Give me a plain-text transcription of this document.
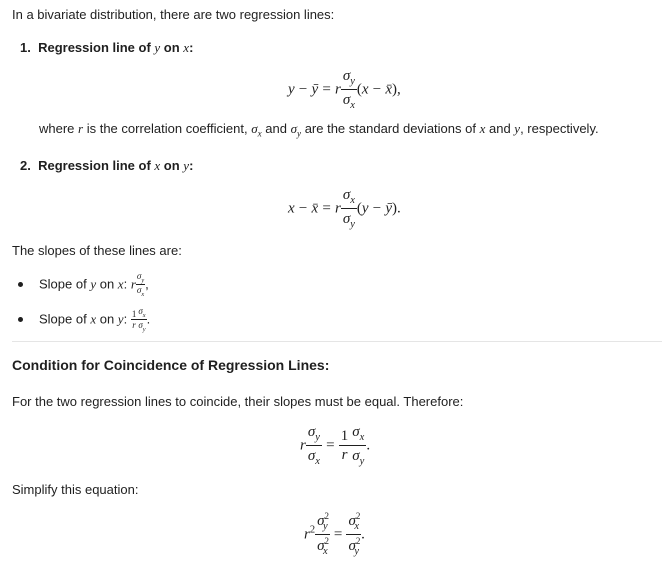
In a bivariate distribution, there are two regression lines:
1. Regression line of y on x:
y − ȳ = r $\frac{\sigma_y}{\sigma_x} (x$ − x̄),
where r is the correlation coefficient, $\sigma_x$ and $\sigma_y$ are the standard deviations of x and y, respectively.
2. Regression line of x on y:
x − x̄ = r $\frac{\sigma_x}{\sigma_y} (y$ − ȳ).
The slopes of these lines are:
Slope of y on x: r $\frac{\sigma_y}{\sigma_x}$ ,
Slope of x on y: $\frac{1}{r} \frac{\sigma_x}{\sigma_y}$ .
Condition for Coincidence of Regression Lines:
For the two regression lines to coincide, their slopes must be equal. Therefore:
r $\frac{\sigma_y}{\sigma_x} = \frac{1}{r} \frac{\sigma_x}{\sigma_y}$ .
Simplify this equation:
$r^2 \frac{\sigma^2_y}{\sigma^2_x} = \frac{\sigma^2_x}{\sigma^2_y}$ .
